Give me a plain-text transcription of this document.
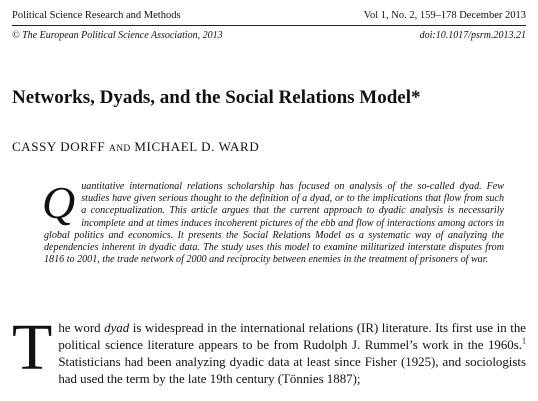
Political Science Research and Methods	Vol 1, No. 2, 159–178 December 2013
© The European Political Science Association, 2013	doi:10.1017/psrm.2013.21
Networks, Dyads, and the Social Relations Model*
CASSY DORFF AND MICHAEL D. WARD
Quantitative international relations scholarship has focused on analysis of the so-called dyad. Few studies have given serious thought to the definition of a dyad, or to the implications that flow from such a conceptualization. This article argues that the current approach to dyadic analysis is necessarily incomplete and at times induces incoherent pictures of the ebb and flow of interactions among actors in global politics and economics. It presents the Social Relations Model as a systematic way of analyzing the dependencies inherent in dyadic data. The study uses this model to examine militarized interstate disputes from 1816 to 2001, the trade network of 2000 and reciprocity between enemies in the treatment of prisoners of war.
The word dyad is widespread in the international relations (IR) literature. Its first use in the political science literature appears to be from Rudolph J. Rummel’s work in the 1960s.$^1$ Statisticians had been analyzing dyadic data at least since Fisher (1925), and sociologists had used the term by the late 19th century (Tönnies 1887);
